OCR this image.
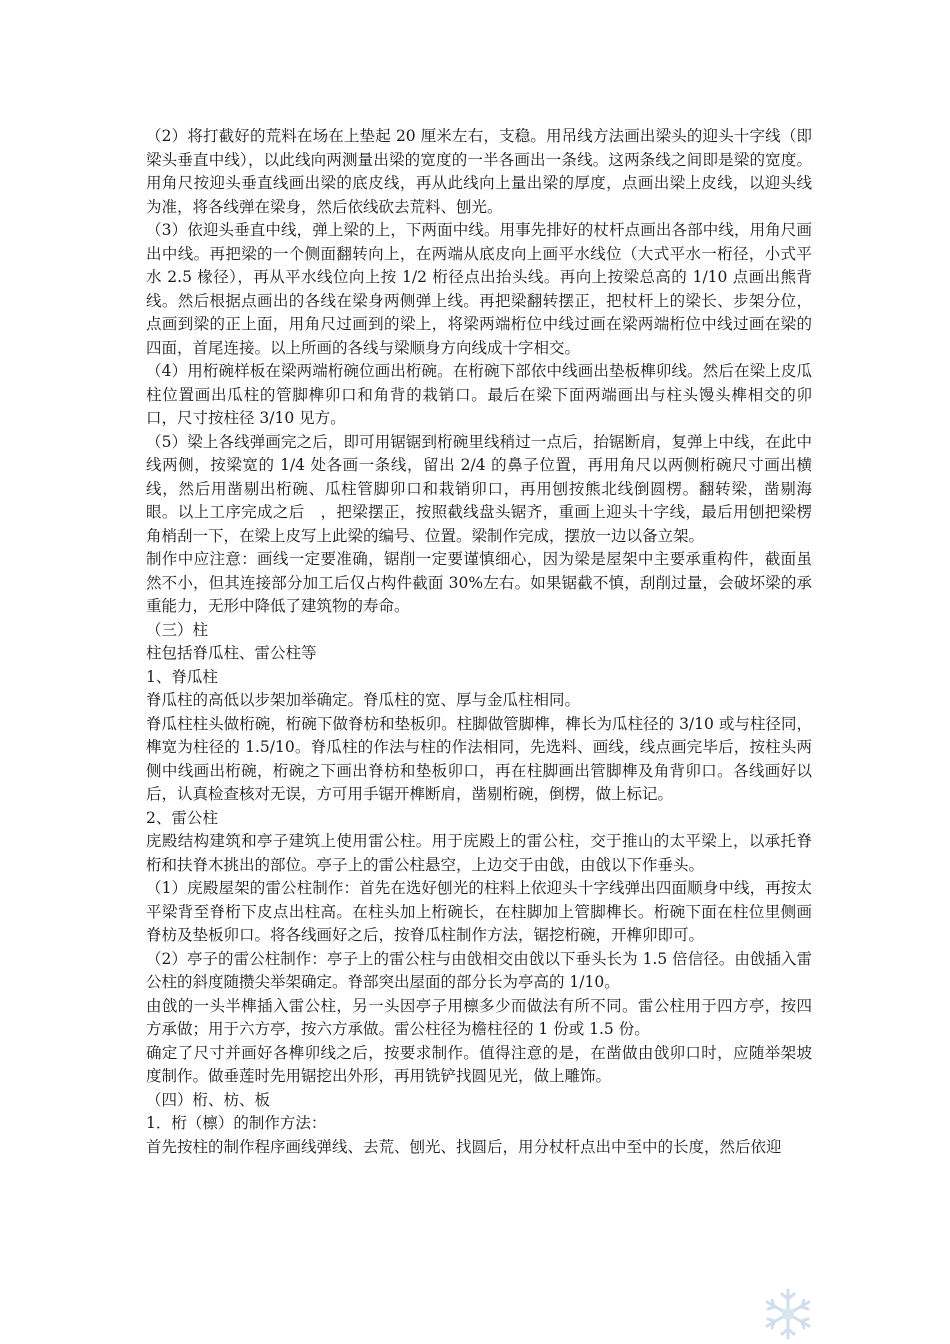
（2）将打截好的荒料在场在上垫起 20 厘米左右，支稳。用吊线方法画出梁头的迎头十字线（即梁头垂直中线），以此线向两测量出梁的宽度的一半各画出一条线。这两条线之间即是梁的宽度。用角尺按迎头垂直线画出梁的底皮线，再从此线向上量出梁的厚度，点画出梁上皮线，以迎头线为准，将各线弹在梁身，然后依线砍去荒料、刨光。

（3）依迎头垂直中线，弹上梁的上，下两面中线。用事先排好的杖杆点画出各部中线，用角尺画出中线。再把梁的一个侧面翻转向上，在两端从底皮向上画平水线位（大式平水一桁径，小式平水 2.5 椽径），再从平水线位向上按 1/2 桁径点出抬头线。再向上按梁总高的 1/10 点画出熊背线。然后根据点画出的各线在梁身两侧弹上线。再把梁翻转摆正，把杖杆上的梁长、步架分位，点画到梁的正上面，用角尺过画到的梁上，将梁两端桁位中线过画在梁两端桁位中线过画在梁的四面，首尾连接。以上所画的各线与梁顺身方向线成十字相交。

（4）用桁碗样板在梁两端桁碗位画出桁碗。在桁碗下部依中线画出垫板榫卯线。然后在梁上皮瓜柱位置画出瓜柱的管脚榫卯口和角背的栽销口。最后在梁下面两端画出与柱头馒头榫相交的卯口，尺寸按柱径 3/10 见方。

（5）梁上各线弹画完之后，即可用锯锯到桁碗里线稍过一点后，抬锯断肩，复弹上中线，在此中线两侧，按梁宽的 1/4 处各画一条线，留出 2/4 的鼻子位置，再用角尺以两侧桁碗尺寸画出横线，然后用凿剔出桁碗、瓜柱管脚卯口和栽销卯口，再用刨按熊北线倒圆楞。翻转梁，凿剔海眼。以上工序完成之后　，把梁摆正，按照截线盘头锯齐，重画上迎头十字线，最后用刨把梁楞角梢刮一下，在梁上皮写上此梁的编号、位置。梁制作完成，摆放一边以备立架。

制作中应注意：画线一定要准确，锯削一定要谨慎细心，因为梁是屋架中主要承重构件，截面虽然不小，但其连接部分加工后仅占构件截面 30%左右。如果锯截不慎，刮削过量，会破坏梁的承重能力，无形中降低了建筑物的寿命。

（三）柱

柱包括脊瓜柱、雷公柱等

1、脊瓜柱

脊瓜柱的高低以步架加举确定。脊瓜柱的宽、厚与金瓜柱相同。

脊瓜柱柱头做桁碗，桁碗下做脊枋和垫板卯。柱脚做管脚榫，榫长为瓜柱径的 3/10 或与柱径同，榫宽为柱径的 1.5/10。脊瓜柱的作法与柱的作法相同，先选料、画线，线点画完毕后，按柱头两侧中线画出桁碗，桁碗之下画出脊枋和垫板卯口，再在柱脚画出管脚榫及角背卯口。各线画好以后，认真检查核对无误，方可用手锯开榫断肩，凿剔桁碗，倒楞，做上标记。

2、雷公柱

庑殿结构建筑和亭子建筑上使用雷公柱。用于庑殿上的雷公柱，交于推山的太平梁上，以承托脊桁和扶脊木挑出的部位。亭子上的雷公柱悬空，上边交于由戗，由戗以下作垂头。

（1）庑殿屋架的雷公柱制作：首先在选好刨光的柱料上依迎头十字线弹出四面顺身中线，再按太平梁背至脊桁下皮点出柱高。在柱头加上桁碗长，在柱脚加上管脚榫长。桁碗下面在柱位里侧画脊枋及垫板卯口。将各线画好之后，按脊瓜柱制作方法，锯挖桁碗，开榫卯即可。

（2）亭子的雷公柱制作：亭子上的雷公柱与由戗相交由戗以下垂头长为 1.5 倍信径。由戗插入雷公柱的斜度随攒尖举架确定。脊部突出屋面的部分长为亭高的 1/10。

由戗的一头半榫插入雷公柱，另一头因亭子用檩多少而做法有所不同。雷公柱用于四方亭，按四方承做；用于六方亭，按六方承做。雷公柱径为檐柱径的 1 份或 1.5 份。

确定了尺寸并画好各榫卯线之后，按要求制作。值得注意的是，在凿做由戗卯口时，应随举架坡度制作。做垂莲时先用锯挖出外形，再用铣铲找圆见光，做上雕饰。

（四）桁、枋、板

1．桁（檩）的制作方法：

首先按柱的制作程序画线弹线、去荒、刨光、找圆后，用分杖杆点出中至中的长度，然后依迎
